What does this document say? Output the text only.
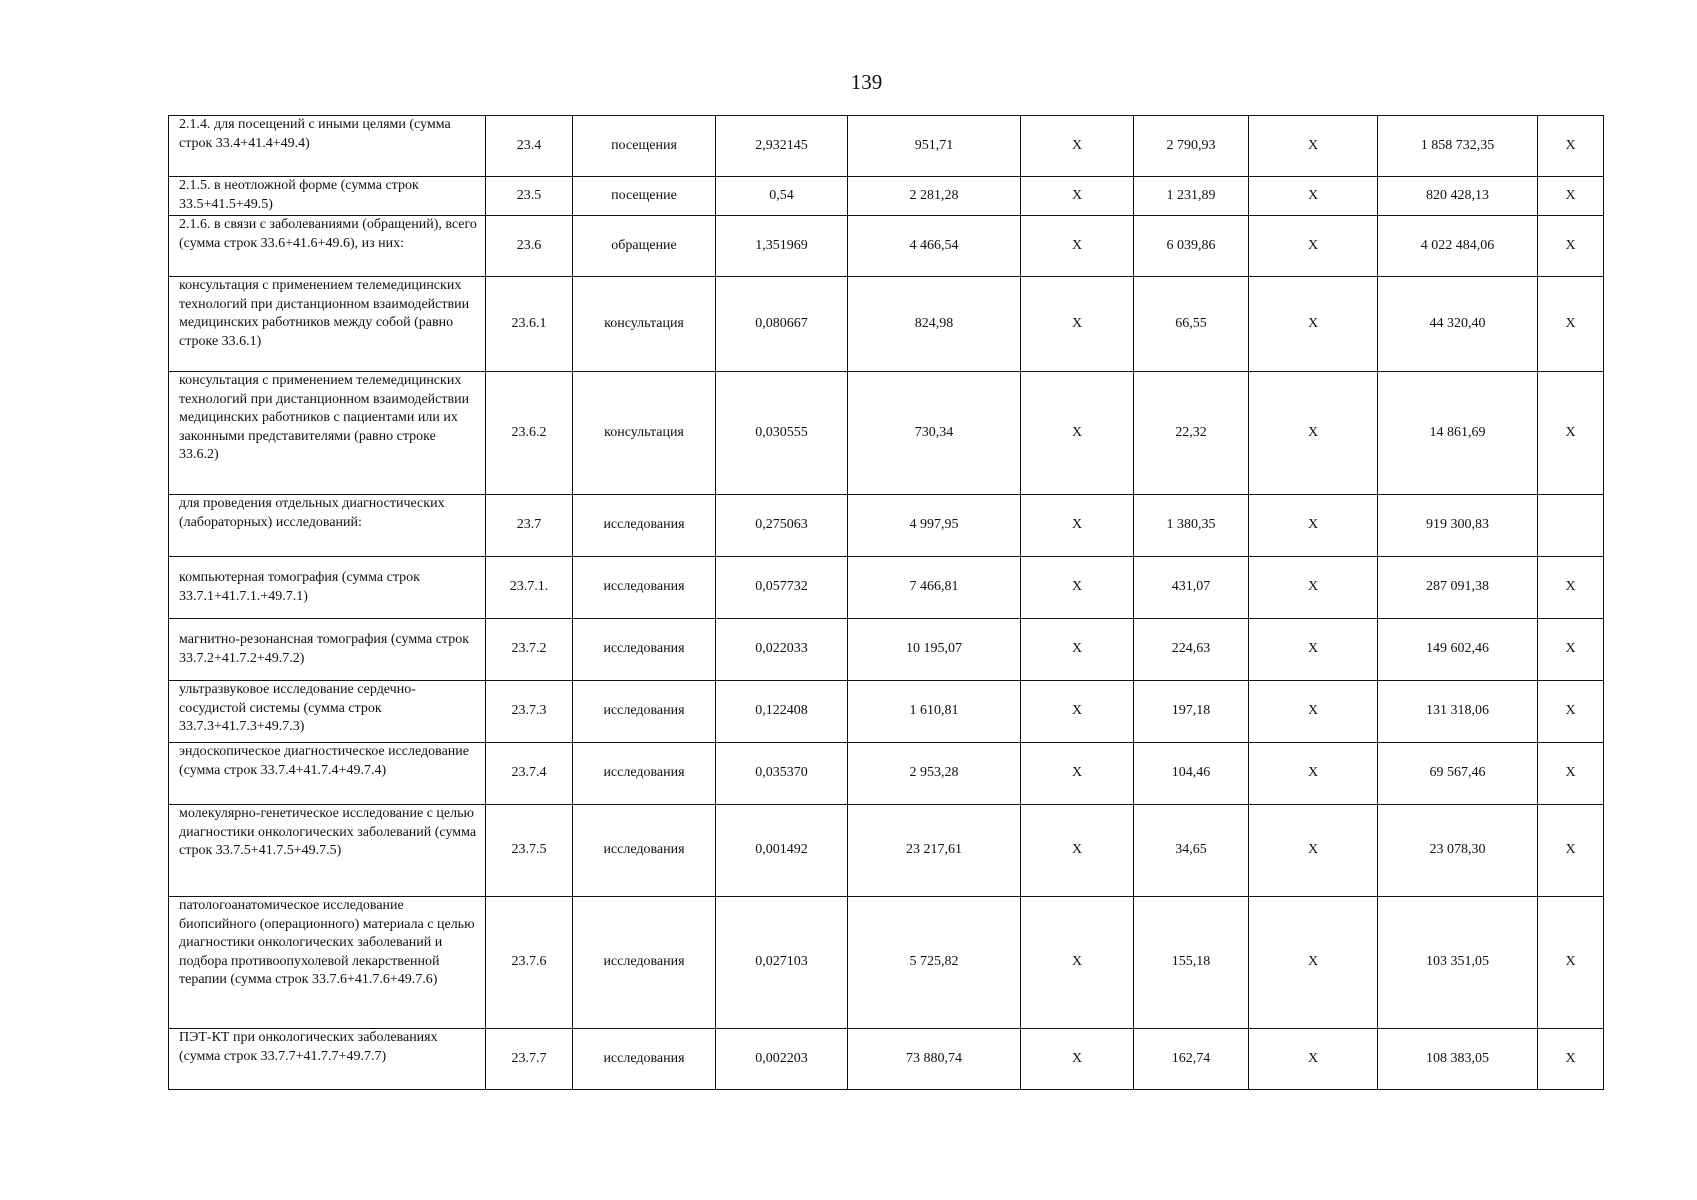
139
2.1.4. для посещений с иными целями (сумма строк 33.4+41.4+49.4)	23.4	посещения	2,932145	951,71	Х	2 790,93	Х	1 858 732,35	Х
2.1.5. в неотложной форме (сумма строк 33.5+41.5+49.5)	23.5	посещение	0,54	2 281,28	Х	1 231,89	Х	820 428,13	Х
2.1.6. в связи с заболеваниями (обращений), всего (сумма строк 33.6+41.6+49.6), из них:	23.6	обращение	1,351969	4 466,54	Х	6 039,86	Х	4 022 484,06	Х
консультация с применением телемедицинских технологий при дистанционном взаимодействии медицинских работников между собой (равно строке 33.6.1)	23.6.1	консультация	0,080667	824,98	Х	66,55	Х	44 320,40	Х
консультация с применением телемедицинских технологий при дистанционном взаимодействии медицинских работников с пациентами или их законными представителями (равно строке 33.6.2)	23.6.2	консультация	0,030555	730,34	Х	22,32	Х	14 861,69	Х
для проведения отдельных диагностических (лабораторных) исследований:	23.7	исследования	0,275063	4 997,95	Х	1 380,35	Х	919 300,83	
компьютерная томография (сумма строк 33.7.1+41.7.1.+49.7.1)	23.7.1.	исследования	0,057732	7 466,81	Х	431,07	Х	287 091,38	Х
магнитно-резонансная томография (сумма строк 33.7.2+41.7.2+49.7.2)	23.7.2	исследования	0,022033	10 195,07	Х	224,63	Х	149 602,46	Х
ультразвуковое исследование сердечно-сосудистой системы (сумма строк 33.7.3+41.7.3+49.7.3)	23.7.3	исследования	0,122408	1 610,81	Х	197,18	Х	131 318,06	Х
эндоскопическое диагностическое исследование (сумма строк 33.7.4+41.7.4+49.7.4)	23.7.4	исследования	0,035370	2 953,28	Х	104,46	Х	69 567,46	Х
молекулярно-генетическое исследование с целью диагностики онкологических заболеваний (сумма строк 33.7.5+41.7.5+49.7.5)	23.7.5	исследования	0,001492	23 217,61	Х	34,65	Х	23 078,30	Х
патологоанатомическое исследование биопсийного (операционного) материала с целью диагностики онкологических заболеваний и подбора противоопухолевой лекарственной терапии (сумма строк 33.7.6+41.7.6+49.7.6)	23.7.6	исследования	0,027103	5 725,82	Х	155,18	Х	103 351,05	Х
ПЭТ-КТ при онкологических заболеваниях (сумма строк 33.7.7+41.7.7+49.7.7)	23.7.7	исследования	0,002203	73 880,74	Х	162,74	Х	108 383,05	Х
